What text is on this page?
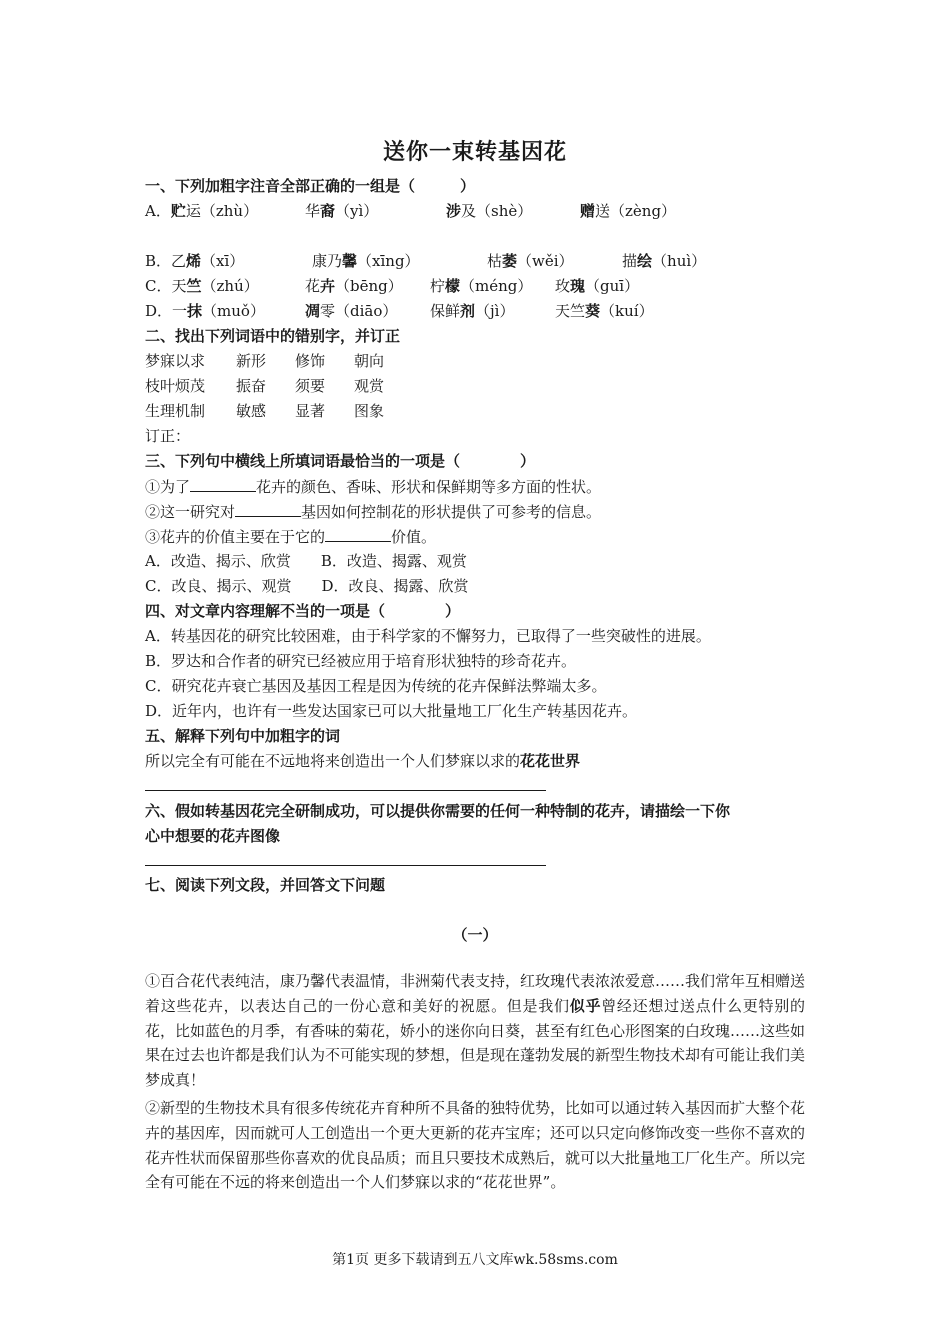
送你一束转基因花
一、下列加粗字注音全部正确的一组是（　　　）
A．贮运（zhù）	华裔（yì）	涉及（shè）	赠送（zèng）
B．乙烯（xī）	康乃馨（xīng）	枯萎（wěi）	描绘（huì）
C．天竺（zhú）	花卉（bēng） 柠檬（méng） 玫瑰（guī）
D．一抹（muǒ）	凋零（diāo） 保鲜剂（jì）	天竺葵（kuí）
二、找出下列词语中的错别字，并订正
梦寐以求 新形 修饰 朝向
枝叶烦茂 振奋 须要 观赏
生理机制 敏感 显著 图象
订正：
三、下列句中横线上所填词语最恰当的一项是（　　　　）
①为了	花卉的颜色、香味、形状和保鲜期等多方面的性状。
②这一研究对	基因如何控制花的形状提供了可参考的信息。
③花卉的价值主要在于它的	价值。
A．改造、揭示、欣赏　　B．改造、揭露、观赏
C．改良、揭示、观赏　　D．改良、揭露、欣赏
四、对文章内容理解不当的一项是（　　　　）
A．转基因花的研究比较困难，由于科学家的不懈努力，已取得了一些突破性的进展。
B．罗达和合作者的研究已经被应用于培育形状独特的珍奇花卉。
C．研究花卉衰亡基因及基因工程是因为传统的花卉保鲜法弊端太多。
D．近年内，也许有一些发达国家已可以大批量地工厂化生产转基因花卉。
五、解释下列句中加粗字的词
所以完全有可能在不远地将来创造出一个人们梦寐以求的花花世界
六、假如转基因花完全研制成功，可以提供你需要的任何一种特制的花卉，请描绘一下你
心中想要的花卉图像
七、阅读下列文段，并回答文下问题
（一）
①百合花代表纯洁，康乃馨代表温情，非洲菊代表支持，红玫瑰代表浓浓爱意……我们常年互相赠送着这些花卉，以表达自己的一份心意和美好的祝愿。但是我们似乎曾经还想过送点什么更特别的花，比如蓝色的月季，有香味的菊花，娇小的迷你向日葵，甚至有红色心形图案的白玫瑰……这些如果在过去也许都是我们认为不可能实现的梦想，但是现在蓬勃发展的新型生物技术却有可能让我们美梦成真！
②新型的生物技术具有很多传统花卉育种所不具备的独特优势，比如可以通过转入基因而扩大整个花卉的基因库，因而就可人工创造出一个更大更新的花卉宝库；还可以只定向修饰改变一些你不喜欢的花卉性状而保留那些你喜欢的优良品质；而且只要技术成熟后，就可以大批量地工厂化生产。所以完全有可能在不远的将来创造出一个人们梦寐以求的“花花世界”。
第1页 更多下载请到五八文库wk.58sms.com
